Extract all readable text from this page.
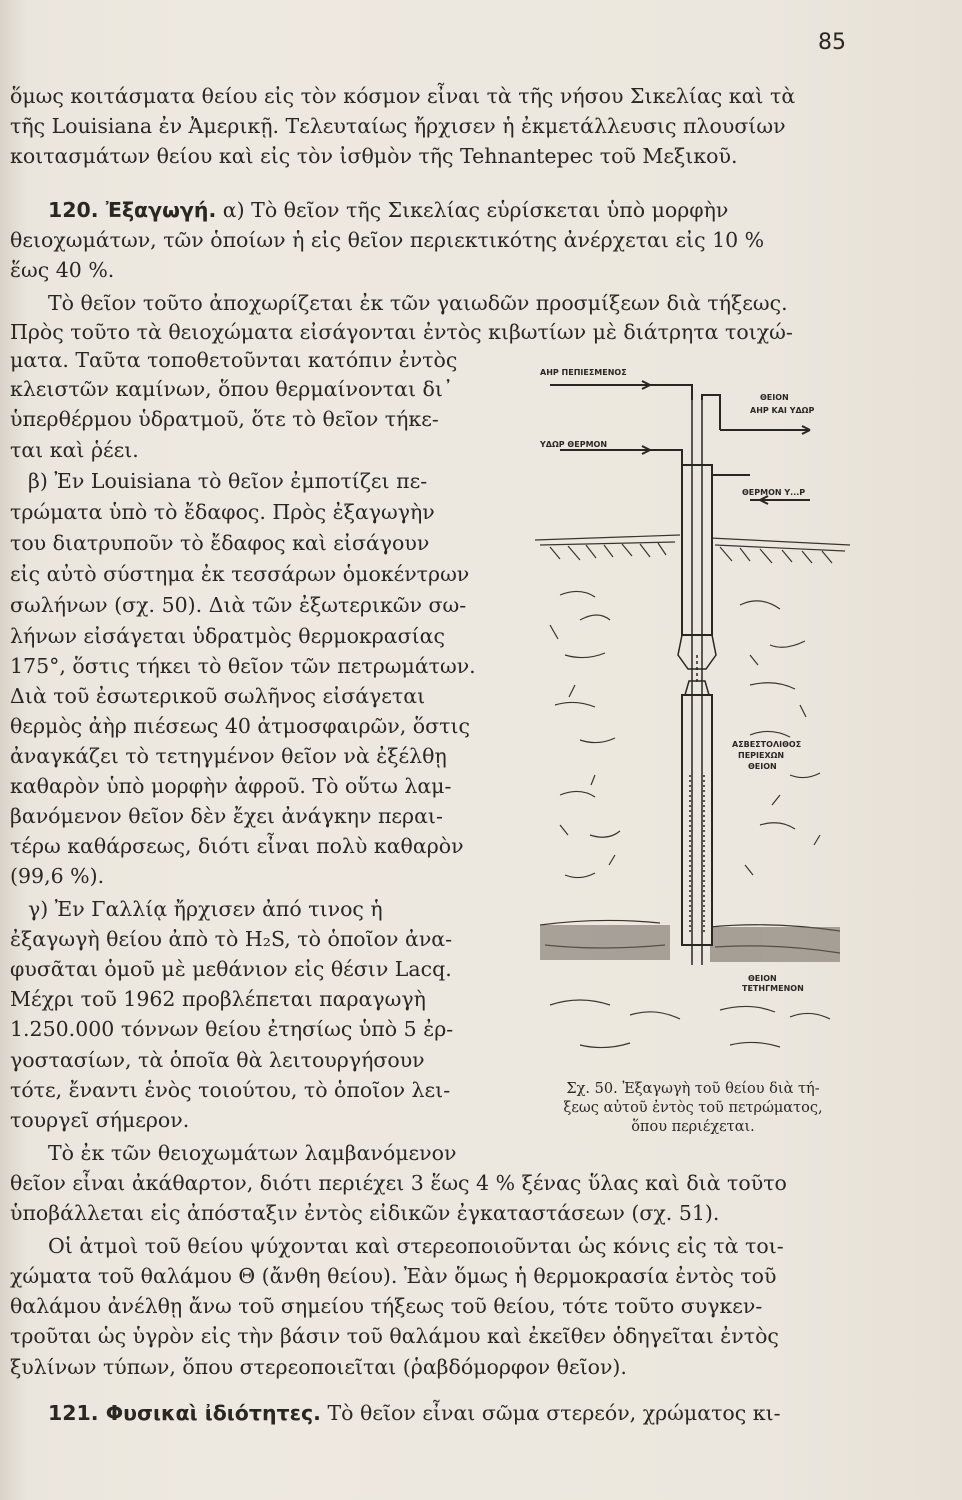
85
ὅμως κοιτάσματα θείου εἰς τὸν κόσμον εἶναι τὰ τῆς νήσου Σικελίας καὶ τὰ
τῆς Louisiana ἐν Ἀμερικῇ. Τελευταίως ἤρχισεν ἡ ἐκμετάλλευσις πλουσίων
κοιτασμάτων θείου καὶ εἰς τὸν ἰσθμὸν τῆς Tehnantepec τοῦ Μεξικοῦ.
120. Ἐξαγωγή. α) Τὸ θεῖον τῆς Σικελίας εὑρίσκεται ὑπὸ μορφὴν
θειοχωμάτων, τῶν ὁποίων ἡ εἰς θεῖον περιεκτικότης ἀνέρχεται εἰς 10 %
ἕως 40 %.
Τὸ θεῖον τοῦτο ἀποχωρίζεται ἐκ τῶν γαιωδῶν προσμίξεων διὰ τήξεως.
Πρὸς τοῦτο τὰ θειοχώματα εἰσάγονται ἐντὸς κιβωτίων μὲ διάτρητα τοιχώ-
ματα. Ταῦτα τοποθετοῦνται κατόπιν ἐντὸς
κλειστῶν καμίνων, ὅπου θερμαίνονται δι᾿
ὑπερθέρμου ὑδρατμοῦ, ὅτε τὸ θεῖον τήκε-
ται καὶ ῥέει.
β) Ἐν Louisiana τὸ θεῖον ἐμποτίζει πε-
τρώματα ὑπὸ τὸ ἔδαφος. Πρὸς ἐξαγωγὴν
του διατρυποῦν τὸ ἔδαφος καὶ εἰσάγουν
εἰς αὐτὸ σύστημα ἐκ τεσσάρων ὁμοκέντρων
σωλήνων (σχ. 50). Διὰ τῶν ἐξωτερικῶν σω-
λήνων εἰσάγεται ὑδρατμὸς θερμοκρασίας
175°, ὅστις τήκει τὸ θεῖον τῶν πετρωμάτων.
Διὰ τοῦ ἐσωτερικοῦ σωλῆνος εἰσάγεται
θερμὸς ἀὴρ πιέσεως 40 ἀτμοσφαιρῶν, ὅστις
ἀναγκάζει τὸ τετηγμένον θεῖον νὰ ἐξέλθῃ
καθαρὸν ὑπὸ μορφὴν ἀφροῦ. Τὸ οὕτω λαμ-
βανόμενον θεῖον δὲν ἔχει ἀνάγκην περαι-
τέρω καθάρσεως, διότι εἶναι πολὺ καθαρὸν
(99,6 %).
γ) Ἐν Γαλλίᾳ ἤρχισεν ἀπό τινος ἡ
ἐξαγωγὴ θείου ἀπὸ τὸ H₂S, τὸ ὁποῖον ἀνα-
φυσᾶται ὁμοῦ μὲ μεθάνιον εἰς θέσιν Lacq.
Μέχρι τοῦ 1962 προβλέπεται παραγωγὴ
1.250.000 τόννων θείου ἐτησίως ὑπὸ 5 ἐρ-
γοστασίων, τὰ ὁποῖα θὰ λειτουργήσουν
τότε, ἔναντι ἑνὸς τοιούτου, τὸ ὁποῖον λει-
τουργεῖ σήμερον.
Τὸ ἐκ τῶν θειοχωμάτων λαμβανόμενον
θεῖον εἶναι ἀκάθαρτον, διότι περιέχει 3 ἕως 4 % ξένας ὕλας καὶ διὰ τοῦτο
ὑποβάλλεται εἰς ἀπόσταξιν ἐντὸς εἰδικῶν ἐγκαταστάσεων (σχ. 51).
Οἱ ἀτμοὶ τοῦ θείου ψύχονται καὶ στερεοποιοῦνται ὡς κόνις εἰς τὰ τοι-
χώματα τοῦ θαλάμου Θ (ἄνθη θείου). Ἐὰν ὅμως ἡ θερμοκρασία ἐντὸς τοῦ
θαλάμου ἀνέλθῃ ἄνω τοῦ σημείου τήξεως τοῦ θείου, τότε τοῦτο συγκεν-
τροῦται ὡς ὑγρὸν εἰς τὴν βάσιν τοῦ θαλάμου καὶ ἐκεῖθεν ὁδηγεῖται ἐντὸς
ξυλίνων τύπων, ὅπου στερεοποιεῖται (ῥαβδόμορφον θεῖον).
121. Φυσικαὶ ἰδιότητες. Τὸ θεῖον εἶναι σῶμα στερεόν, χρώματος κι-
ΑΗΡ ΠΕΠΙΕΣΜΕΝΟΣ
ΘΕΙΟΝ
ΑΗΡ ΚΑΙ ΥΔΩΡ
ΥΔΩΡ ΘΕΡΜΟΝ
ΘΕΡΜΟΝ Υ...Ρ
ΑΣΒΕΣΤΟΛΙΘΟΣ
ΠΕΡΙΕΧΩΝ
ΘΕΙΟΝ
ΘΕΙΟΝ
ΤΕΤΗΓΜΕΝΟΝ
Σχ. 50. Ἐξαγωγὴ τοῦ θείου διὰ τή-
ξεως αὐτοῦ ἐντὸς τοῦ πετρώματος,
ὅπου περιέχεται.
